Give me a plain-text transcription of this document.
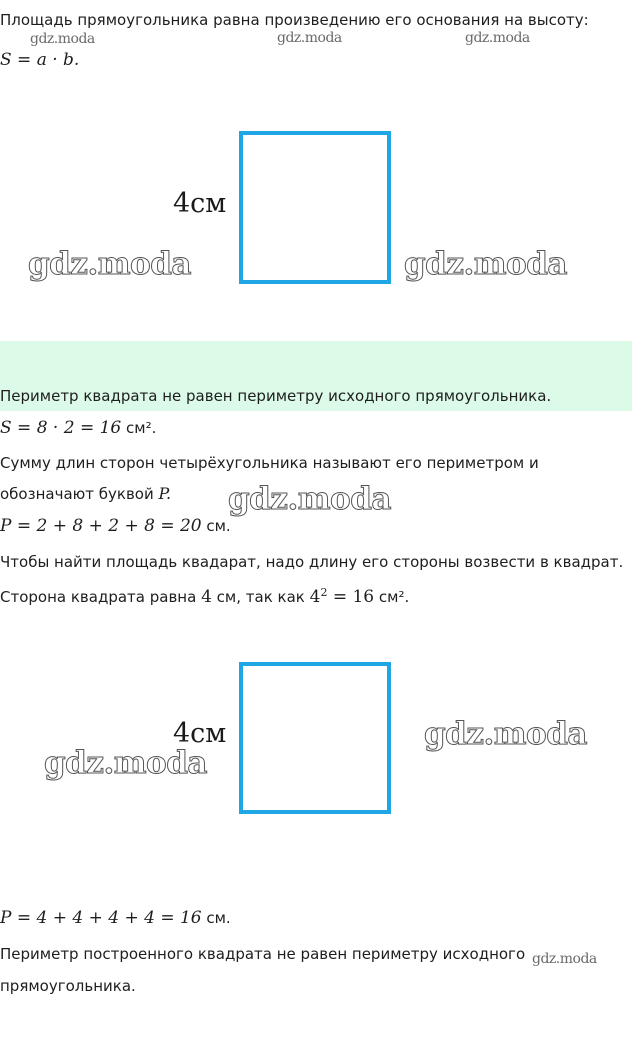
Площадь прямоугольника равна произведению его основания на высоту:
gdz.moda	gdz.moda	gdz.moda
S = a · b.
4см
gdz.moda	gdz.moda
Периметр квадрата не равен периметру исходного прямоугольника.
S = 8 · 2 = 16 см².
Сумму длин сторон четырёхугольника называют его периметром и
обозначают буквой P. gdz.moda
P = 2 + 8 + 2 + 8 = 20 см.
Чтобы найти площадь квадарат, надо длину его стороны возвести в квадрат.
Сторона квадрата равна 4 см, так как $4^2 = 16$ см².
4см
gdz.moda
gdz.moda
P = 4 + 4 + 4 + 4 = 16 см.
Периметр построенного квадрата не равен периметру исходного gdz.moda
прямоугольника.
